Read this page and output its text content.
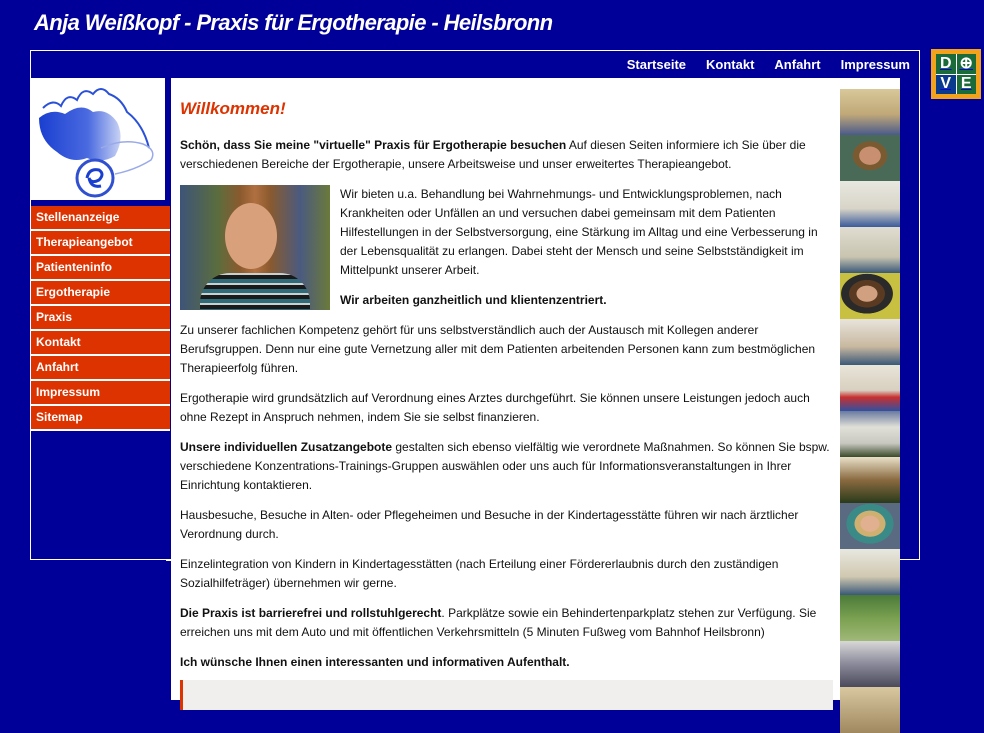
Anja Weißkopf - Praxis für Ergotherapie - Heilsbronn
Startseite Kontakt Anfahrt Impressum D ⊕
V E
Stellenanzeige
Therapieangebot
Patienteninfo
Ergotherapie
Praxis
Kontakt
Anfahrt
Impressum
Sitemap
Willkommen!

Schön, dass Sie meine "virtuelle" Praxis für Ergotherapie besuchen Auf diesen Seiten informiere ich Sie über die verschiedenen Bereiche der Ergotherapie, unsere Arbeitsweise und unser erweitertes Therapieangebot.

Wir bieten u.a. Behandlung bei Wahrnehmungs- und Entwicklungsproblemen, nach Krankheiten oder Unfällen an und versuchen dabei gemeinsam mit dem Patienten Hilfestellungen in der Selbstversorgung, eine Stärkung im Alltag und eine Verbesserung in der Lebensqualität zu erlangen. Dabei steht der Mensch und seine Selbstständigkeit im Mittelpunkt unserer Arbeit.

Wir arbeiten ganzheitlich und klientenzentriert.

Zu unserer fachlichen Kompetenz gehört für uns selbstverständlich auch der Austausch mit Kollegen anderer Berufsgruppen. Denn nur eine gute Vernetzung aller mit dem Patienten arbeitenden Personen kann zum bestmöglichen Therapieerfolg führen.

Ergotherapie wird grundsätzlich auf Verordnung eines Arztes durchgeführt. Sie können unsere Leistungen jedoch auch ohne Rezept in Anspruch nehmen, indem Sie sie selbst finanzieren.

Unsere individuellen Zusatzangebote gestalten sich ebenso vielfältig wie verordnete Maßnahmen. So können Sie bspw. verschiedene Konzentrations-Trainings-Gruppen auswählen oder uns auch für Informationsveranstaltungen in Ihrer Einrichtung kontaktieren.

Hausbesuche, Besuche in Alten- oder Pflegeheimen und Besuche in der Kindertagesstätte führen wir nach ärztlicher Verordnung durch.

Einzelintegration von Kindern in Kindertagesstätten (nach Erteilung einer Fördererlaubnis durch den zuständigen Sozialhilfeträger) übernehmen wir gerne.

Die Praxis ist barrierefrei und rollstuhlgerecht. Parkplätze sowie ein Behindertenparkplatz stehen zur Verfügung. Sie erreichen uns mit dem Auto und mit öffentlichen Verkehrsmitteln (5 Minuten Fußweg vom Bahnhof Heilsbronn)

Ich wünsche Ihnen einen interessanten und informativen Aufenthalt.
